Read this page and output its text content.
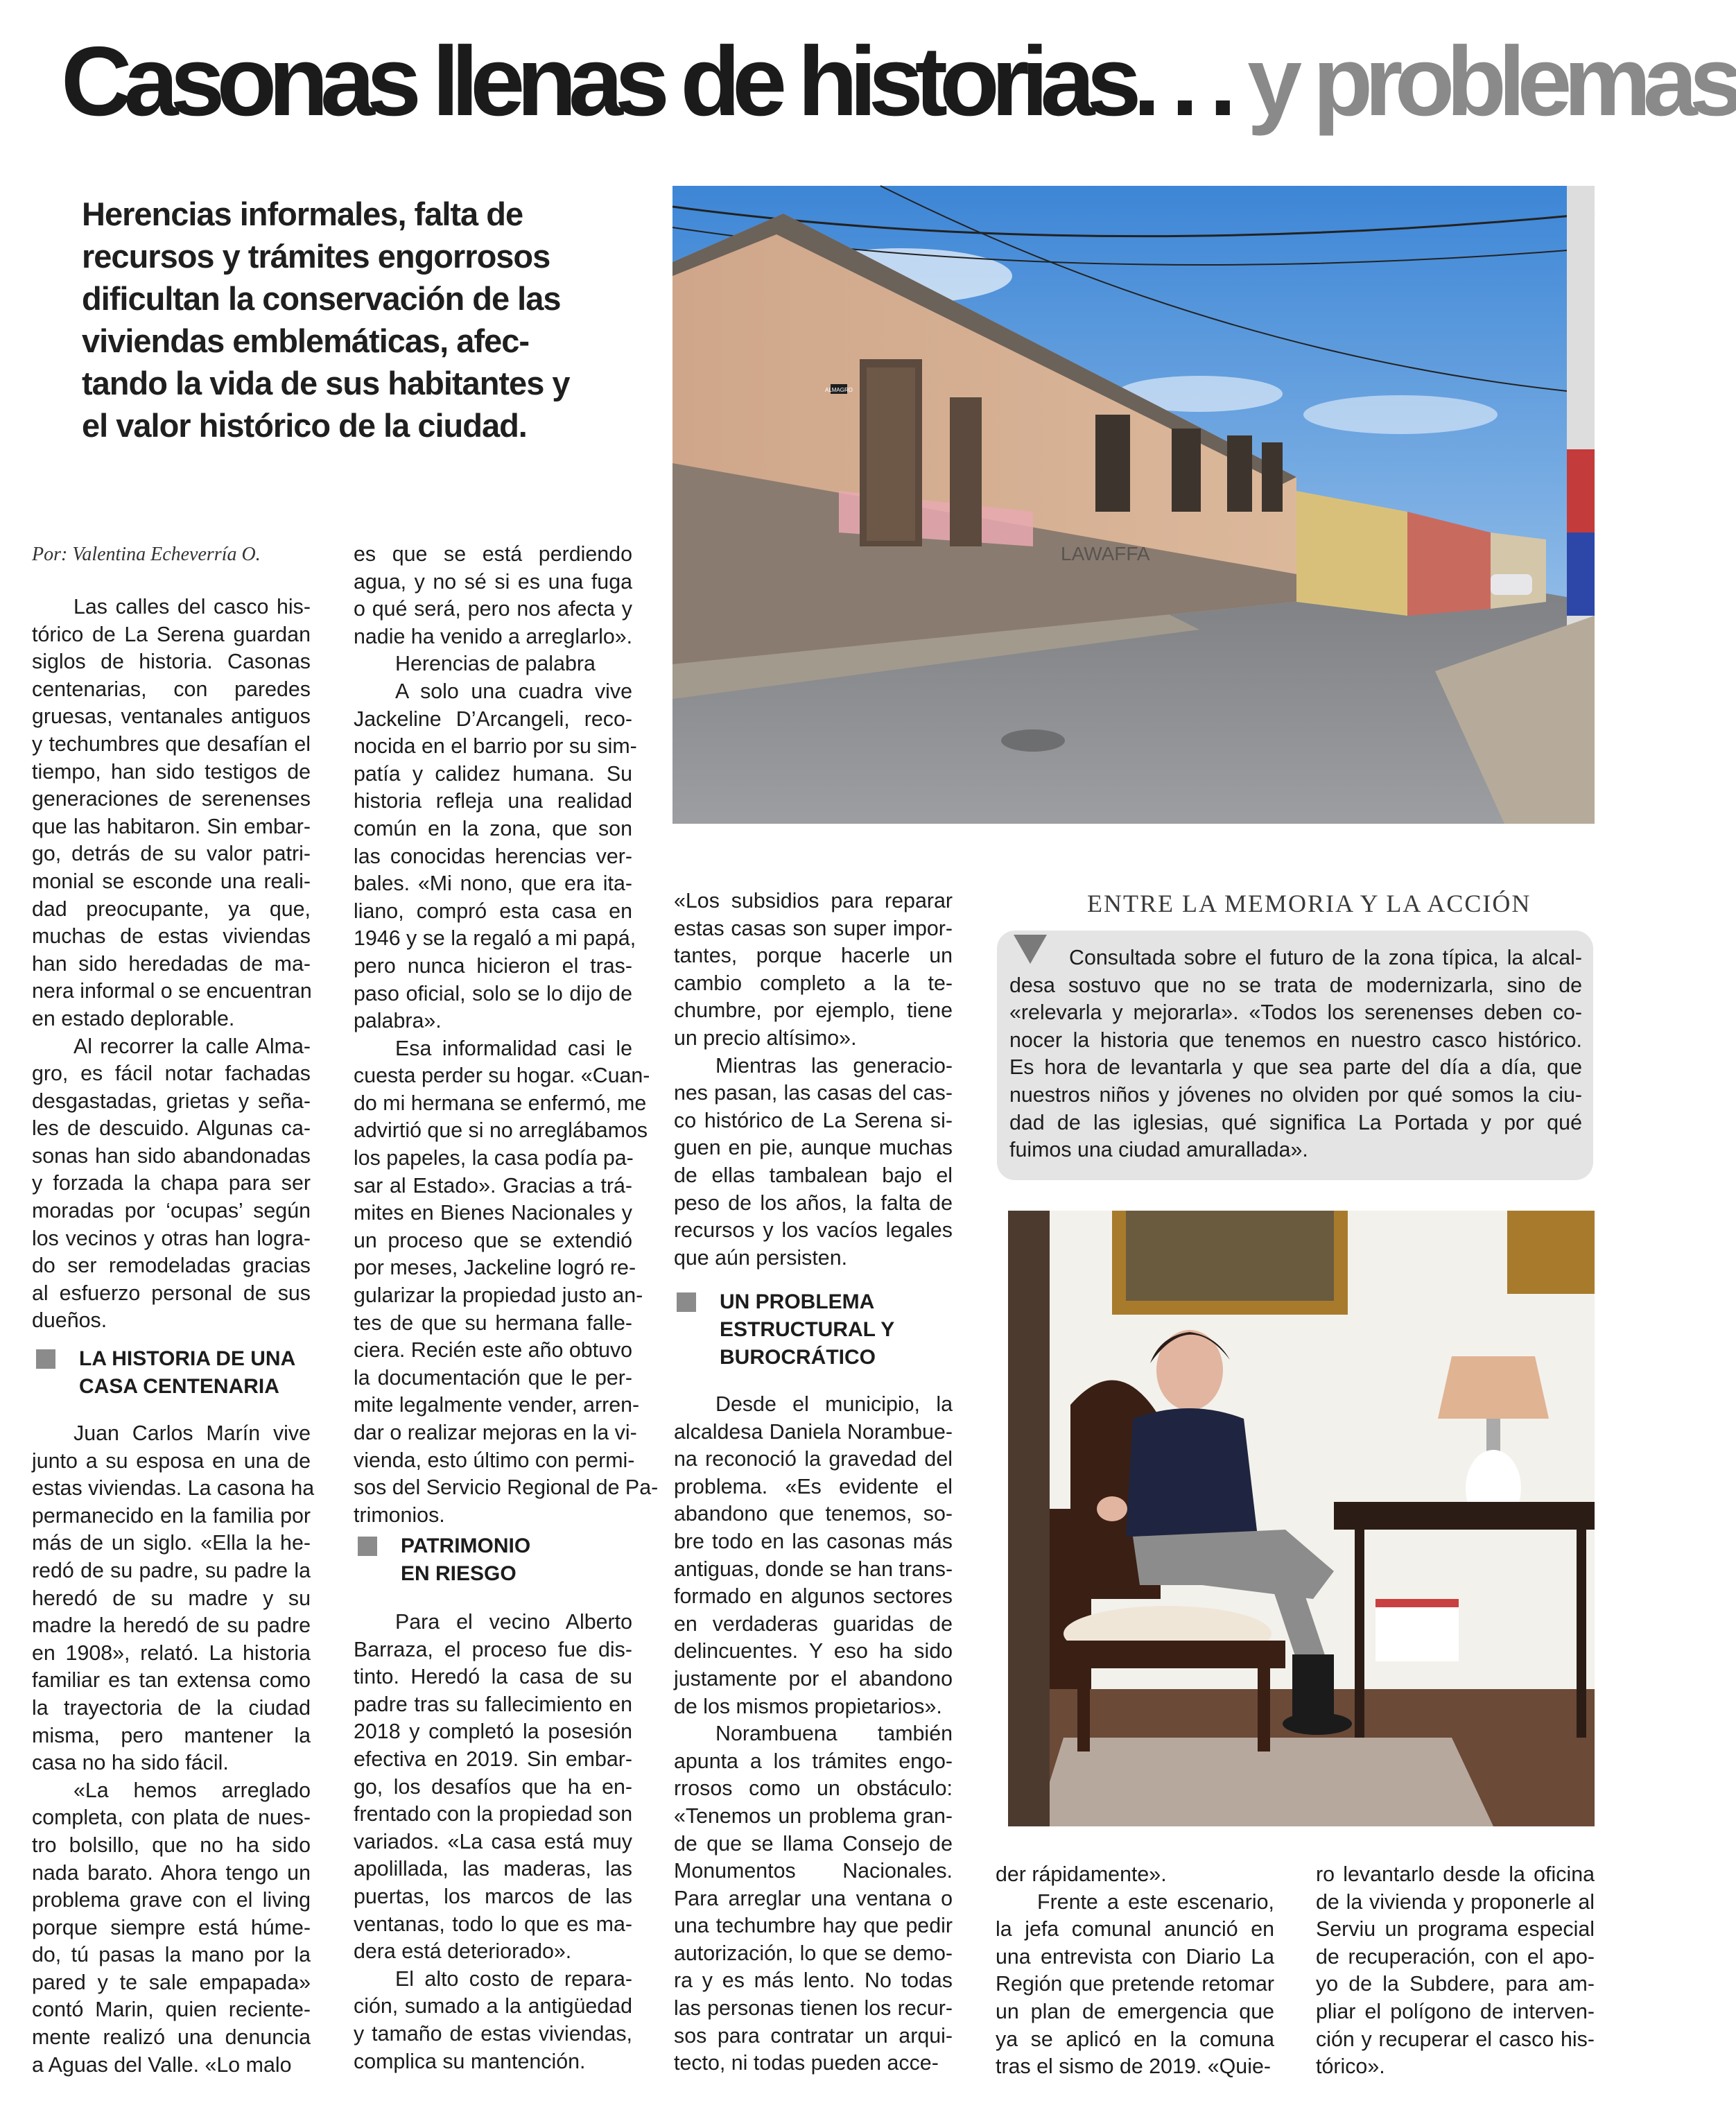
Casonas llenas de historias. . . y problemas
Herencias informales, falta de
recursos y trámites engorrosos
dificultan la conservación de las
viviendas emblemáticas, afec-
tando la vida de sus habitantes y
el valor histórico de la ciudad.
Por: Valentina Echeverría O.

Las calles del casco his-

tórico de La Serena guardan

siglos de historia. Casonas

centenarias, con paredes

gruesas, ventanales antiguos

y techumbres que desafían el

tiempo, han sido testigos de

generaciones de serenenses

que las habitaron. Sin embar-

go, detrás de su valor patri-

monial se esconde una reali-

dad preocupante, ya que,

muchas de estas viviendas

han sido heredadas de ma-

nera informal o se encuentran

en estado deplorable.

Al recorrer la calle Alma-

gro, es fácil notar fachadas

desgastadas, grietas y seña-

les de descuido. Algunas ca-

sonas han sido abandonadas

y forzada la chapa para ser

moradas por ‘ocupas’ según

los vecinos y otras han logra-

do ser remodeladas gracias

al esfuerzo personal de sus

dueños.

LA HISTORIA DE UNA
CASA CENTENARIA

Juan Carlos Marín vive

junto a su esposa en una de

estas viviendas. La casona ha

permanecido en la familia por

más de un siglo. «Ella la he-

redó de su padre, su padre la

heredó de su madre y su

madre la heredó de su padre

en 1908», relató. La historia

familiar es tan extensa como

la trayectoria de la ciudad

misma, pero mantener la

casa no ha sido fácil.

«La hemos arreglado

completa, con plata de nues-

tro bolsillo, que no ha sido

nada barato. Ahora tengo un

problema grave con el living

porque siempre está húme-

do, tú pasas la mano por la

pared y te sale empapada»

contó Marin, quien reciente-

mente realizó una denuncia

a Aguas del Valle. «Lo malo

es que se está perdiendo

agua, y no sé si es una fuga

o qué será, pero nos afecta y

nadie ha venido a arreglarlo».

Herencias de palabra

A solo una cuadra vive

Jackeline D’Arcangeli, reco-

nocida en el barrio por su sim-

patía y calidez humana. Su

historia refleja una realidad

común en la zona, que son

las conocidas herencias ver-

bales. «Mi nono, que era ita-

liano, compró esta casa en

1946 y se la regaló a mi papá,

pero nunca hicieron el tras-

paso oficial, solo se lo dijo de

palabra».

Esa informalidad casi le

cuesta perder su hogar. «Cuan-

do mi hermana se enfermó, me

advirtió que si no arreglábamos

los papeles, la casa podía pa-

sar al Estado». Gracias a trá-

mites en Bienes Nacionales y

un proceso que se extendió

por meses, Jackeline logró re-

gularizar la propiedad justo an-

tes de que su hermana falle-

ciera. Recién este año obtuvo

la documentación que le per-

mite legalmente vender, arren-

dar o realizar mejoras en la vi-

vienda, esto último con permi-

sos del Servicio Regional de Pa-

trimonios.

PATRIMONIO
EN RIESGO

Para el vecino Alberto

Barraza, el proceso fue dis-

tinto. Heredó la casa de su

padre tras su fallecimiento en

2018 y completó la posesión

efectiva en 2019. Sin embar-

go, los desafíos que ha en-

frentado con la propiedad son

variados. «La casa está muy

apolillada, las maderas, las

puertas, los marcos de las

ventanas, todo lo que es ma-

dera está deteriorado».

El alto costo de repara-

ción, sumado a la antigüedad

y tamaño de estas viviendas,

complica su mantención.

«Los subsidios para reparar

estas casas son super impor-

tantes, porque hacerle un

cambio completo a la te-

chumbre, por ejemplo, tiene

un precio altísimo».

Mientras las generacio-

nes pasan, las casas del cas-

co histórico de La Serena si-

guen en pie, aunque muchas

de ellas tambalean bajo el

peso de los años, la falta de

recursos y los vacíos legales

que aún persisten.

UN PROBLEMA
ESTRUCTURAL Y
BUROCRÁTICO

Desde el municipio, la

alcaldesa Daniela Norambue-

na reconoció la gravedad del

problema. «Es evidente el

abandono que tenemos, so-

bre todo en las casonas más

antiguas, donde se han trans-

formado en algunos sectores

en verdaderas guaridas de

delincuentes. Y eso ha sido

justamente por el abandono

de los mismos propietarios».

Norambuena también

apunta a los trámites engo-

rrosos como un obstáculo:

«Tenemos un problema gran-

de que se llama Consejo de

Monumentos Nacionales.

Para arreglar una ventana o

una techumbre hay que pedir

autorización, lo que se demo-

ra y es más lento. No todas

las personas tienen los recur-

sos para contratar un arqui-

tecto, ni todas pueden acce-

der rápidamente».

Frente a este escenario,

la jefa comunal anunció en

una entrevista con Diario La

Región que pretende retomar

un plan de emergencia que

ya se aplicó en la comuna

tras el sismo de 2019. «Quie-

ro levantarlo desde la oficina

de la vivienda y proponerle al

Serviu un programa especial

de recuperación, con el apo-

yo de la Subdere, para am-

pliar el polígono de interven-

ción y recuperar el casco his-

tórico».

ENTRE LA MEMORIA Y LA ACCIÓN

Consultada sobre el futuro de la zona típica, la alcal-

desa sostuvo que no se trata de modernizarla, sino de

«relevarla y mejorarla». «Todos los serenenses deben co-

nocer la historia que tenemos en nuestro casco histórico.

Es hora de levantarla y que sea parte del día a día, que

nuestros niños y jóvenes no olviden por qué somos la ciu-

dad de las iglesias, qué significa La Portada y por qué

fuimos una ciudad amurallada».

ALMAGRO
LAWAFFA
